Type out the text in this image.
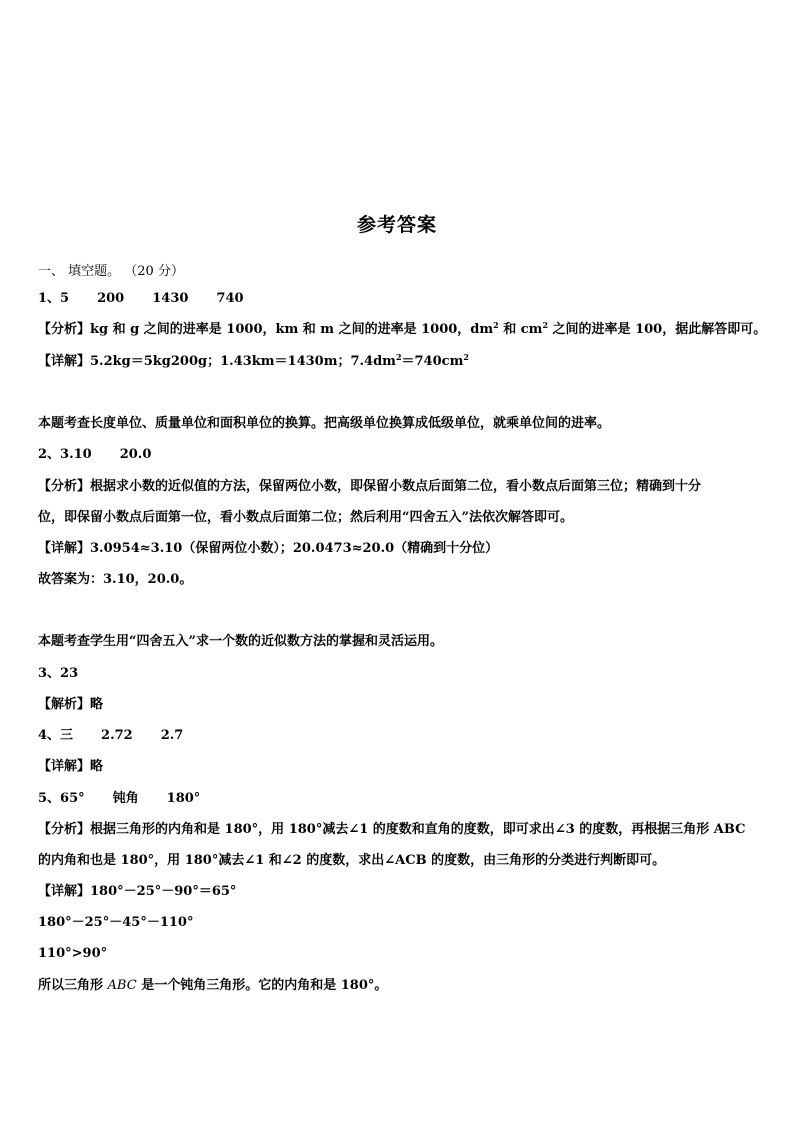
参考答案
一、 填空题。 （20 分）
1、5 200 1430 740
【分析】kg 和 g 之间的进率是 1000，km 和 m 之间的进率是 1000，$dm^2$ 和 $cm^2$ 之间的进率是 100，据此解答即可。
【详解】5.2kg＝5kg200g；1.43km＝1430m；$7.4dm^2=740cm^2$
本题考查长度单位、质量单位和面积单位的换算。把高级单位换算成低级单位，就乘单位间的进率。
2、3.10 20.0
【分析】根据求小数的近似值的方法，保留两位小数，即保留小数点后面第二位，看小数点后面第三位；精确到十分
位，即保留小数点后面第一位，看小数点后面第二位；然后利用“四舍五入”法依次解答即可。
【详解】3.0954≈3.10（保留两位小数）；20.0473≈20.0（精确到十分位）
故答案为：3.10，20.0。
本题考查学生用“四舍五入”求一个数的近似数方法的掌握和灵活运用。
3、23
【解析】略
4、三 2.72 2.7
【详解】略
5、65° 钝角 180°
【分析】根据三角形的内角和是 180°，用 180°减去∠1 的度数和直角的度数，即可求出∠3 的度数，再根据三角形 ABC
的内角和也是 180°，用 180°减去∠1 和∠2 的度数，求出∠ACB 的度数，由三角形的分类进行判断即可。
【详解】180°－25°－90°＝65°
180°－25°－45°－110°
110°>90°
所以三角形 ABC 是一个钝角三角形。它的内角和是 180°。
